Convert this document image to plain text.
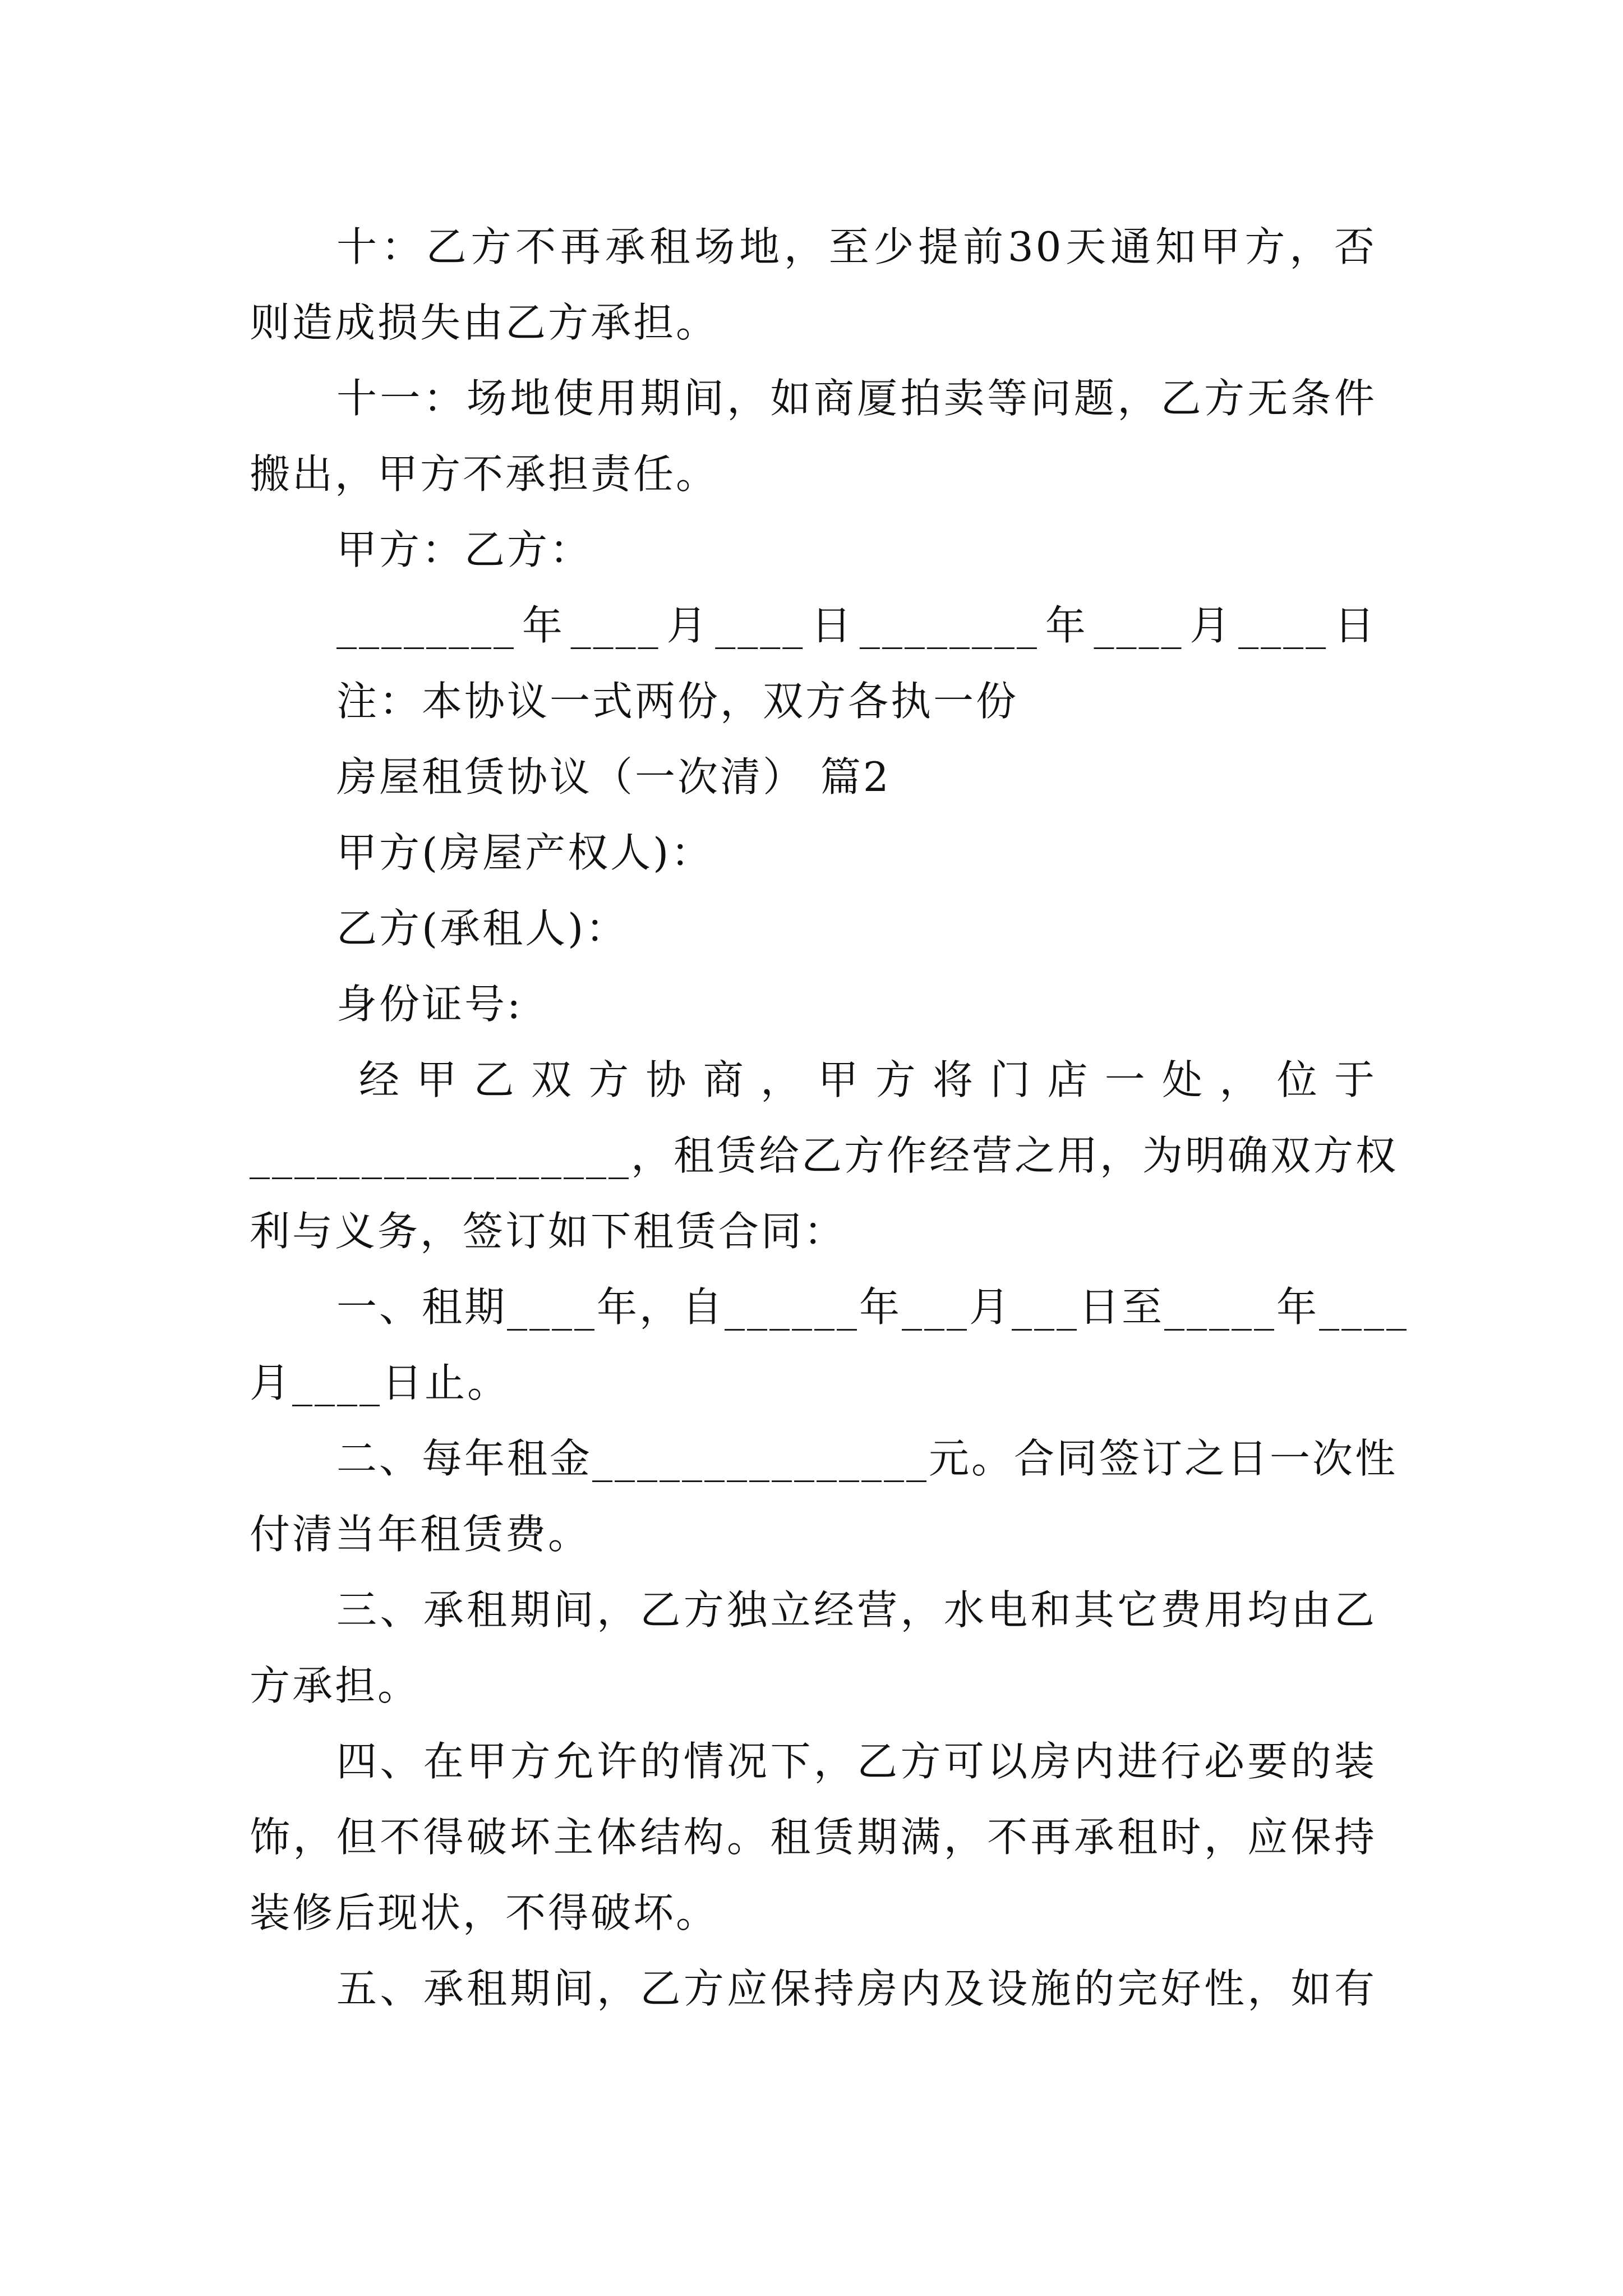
十：乙方不再承租场地，至少提前30天通知甲方，否
则造成损失由乙方承担。
十一：场地使用期间，如商厦拍卖等问题，乙方无条件
搬出，甲方不承担责任。
甲方：乙方：
________年____月____日________年____月____日
注：本协议一式两份，双方各执一份
房屋租赁协议（一次清） 篇2
甲方(房屋产权人)：
乙方(承租人)：
身份证号:
经甲乙双方协商，甲方将门店一处，位于
_________________，租赁给乙方作经营之用，为明确双方权
利与义务，签订如下租赁合同：
一、租期____年，自______年___月___日至_____年____
月____日止。
二、每年租金_______________元。合同签订之日一次性
付清当年租赁费。
三、承租期间，乙方独立经营，水电和其它费用均由乙
方承担。
四、在甲方允许的情况下，乙方可以房内进行必要的装
饰，但不得破坏主体结构。租赁期满，不再承租时，应保持
装修后现状，不得破坏。
五、承租期间，乙方应保持房内及设施的完好性，如有
